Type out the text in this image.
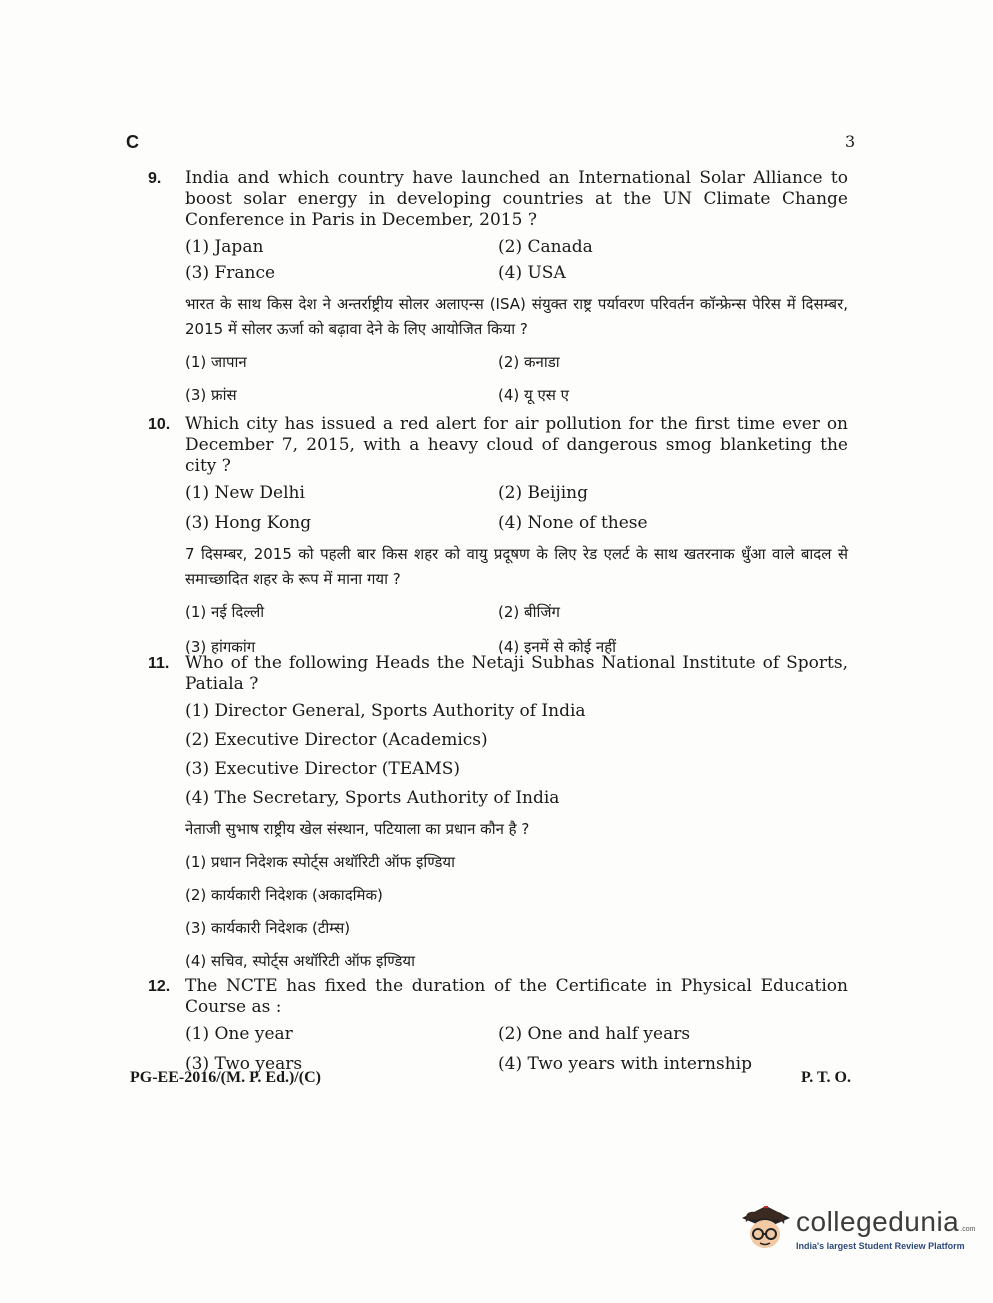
C	3
9.	India and which country have launched an International Solar Alliance to boost solar energy in developing countries at the UN Climate Change Conference in Paris in December, 2015 ?
(1) Japan	(2) Canada
(3) France	(4) USA
भारत के साथ किस देश ने अन्तर्राष्ट्रीय सोलर अलाएन्स (ISA) संयुक्त राष्ट्र पर्यावरण परिवर्तन कॉन्फ्रेन्स पेरिस में दिसम्बर, 2015 में सोलर ऊर्जा को बढ़ावा देने के लिए आयोजित किया ?
(1) जापान	(2) कनाडा
(3) फ्रांस	(4) यू एस ए
10. Which city has issued a red alert for air pollution for the first time ever on December 7, 2015, with a heavy cloud of dangerous smog blanketing the city ?
(1) New Delhi	(2) Beijing
(3) Hong Kong	(4) None of these
7 दिसम्बर, 2015 को पहली बार किस शहर को वायु प्रदूषण के लिए रेड एलर्ट के साथ खतरनाक धुँआ वाले बादल से समाच्छादित शहर के रूप में माना गया ?
(1) नई दिल्ली	(2) बीजिंग
(3) हांगकांग	(4) इनमें से कोई नहीं
11. Who of the following Heads the Netaji Subhas National Institute of Sports, Patiala ?
(1) Director General, Sports Authority of India
(2) Executive Director (Academics)
(3) Executive Director (TEAMS)
(4) The Secretary, Sports Authority of India
नेताजी सुभाष राष्ट्रीय खेल संस्थान, पटियाला का प्रधान कौन है ?
(1) प्रधान निदेशक स्पोर्ट्स अथॉरिटी ऑफ इण्डिया
(2) कार्यकारी निदेशक (अकादमिक)
(3) कार्यकारी निदेशक (टीम्स)
(4) सचिव, स्पोर्ट्स अथॉरिटी ऑफ इण्डिया
12. The NCTE has fixed the duration of the Certificate in Physical Education Course as :
(1) One year	(2) One and half years
(3) Two years	(4) Two years with internship
PG-EE-2016/(M. P. Ed.)/(C)	P. T. O.
collegedunia.com
India's largest Student Review Platform
